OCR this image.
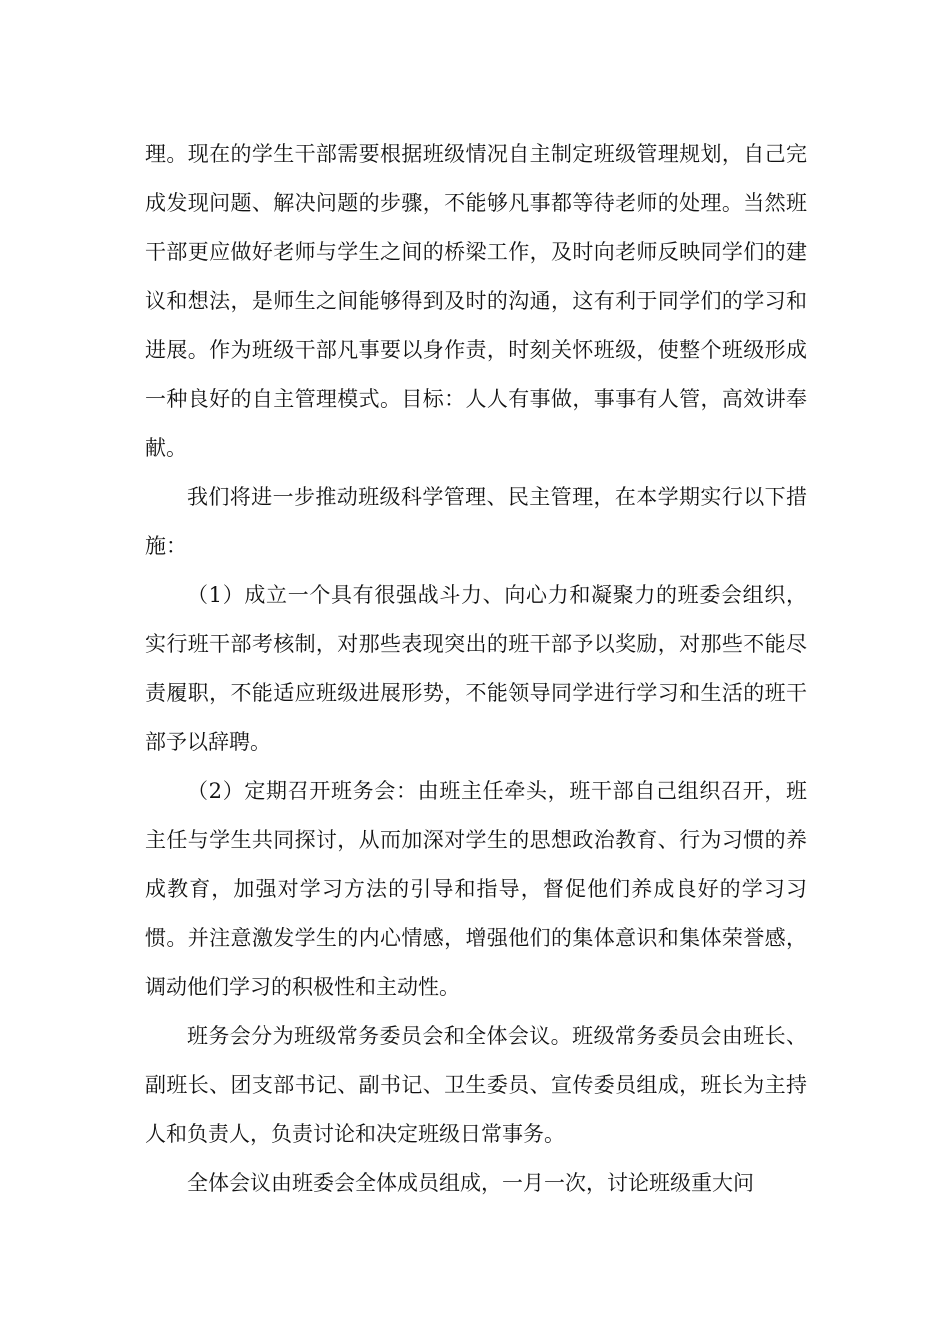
理。现在的学生干部需要根据班级情况自主制定班级管理规划，自己完成发现问题、解决问题的步骤，不能够凡事都等待老师的处理。当然班干部更应做好老师与学生之间的桥梁工作，及时向老师反映同学们的建议和想法，是师生之间能够得到及时的沟通，这有利于同学们的学习和进展。作为班级干部凡事要以身作责，时刻关怀班级，使整个班级形成一种良好的自主管理模式。目标：人人有事做，事事有人管，高效讲奉献。

我们将进一步推动班级科学管理、民主管理，在本学期实行以下措施：

（1）成立一个具有很强战斗力、向心力和凝聚力的班委会组织，实行班干部考核制，对那些表现突出的班干部予以奖励，对那些不能尽责履职，不能适应班级进展形势，不能领导同学进行学习和生活的班干部予以辞聘。

（2）定期召开班务会：由班主任牵头，班干部自己组织召开，班主任与学生共同探讨，从而加深对学生的思想政治教育、行为习惯的养成教育，加强对学习方法的引导和指导，督促他们养成良好的学习习惯。并注意激发学生的内心情感，增强他们的集体意识和集体荣誉感，调动他们学习的积极性和主动性。

班务会分为班级常务委员会和全体会议。班级常务委员会由班长、副班长、团支部书记、副书记、卫生委员、宣传委员组成，班长为主持人和负责人，负责讨论和决定班级日常事务。

全体会议由班委会全体成员组成，一月一次，讨论班级重大问
